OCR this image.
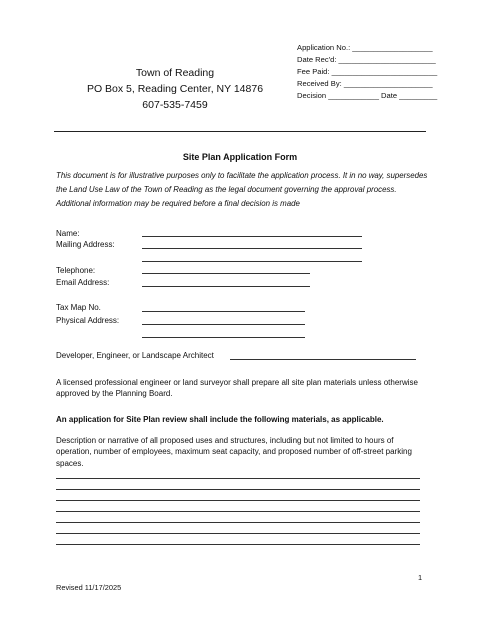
Town of Reading
PO Box 5, Reading Center, NY 14876
607-535-7459
Application No.: ___________________
Date Rec'd: _______________________
Fee Paid: _________________________
Received By: _____________________
Decision ____________ Date _________
Site Plan Application Form
This document is for illustrative purposes only to facilitate the application process. It in no way, supersedes the Land Use Law of the Town of Reading as the legal document governing the approval process. Additional information may be required before a final decision is made
Name:
Mailing Address:
Telephone:
Email Address:
Tax Map No.
Physical Address:
Developer, Engineer, or Landscape Architect
A licensed professional engineer or land surveyor shall prepare all site plan materials unless otherwise approved by the Planning Board.
An application for Site Plan review shall include the following materials, as applicable.
Description or narrative of all proposed uses and structures, including but not limited to hours of operation, number of employees, maximum seat capacity, and proposed number of off-street parking spaces.
1
Revised 11/17/2025
